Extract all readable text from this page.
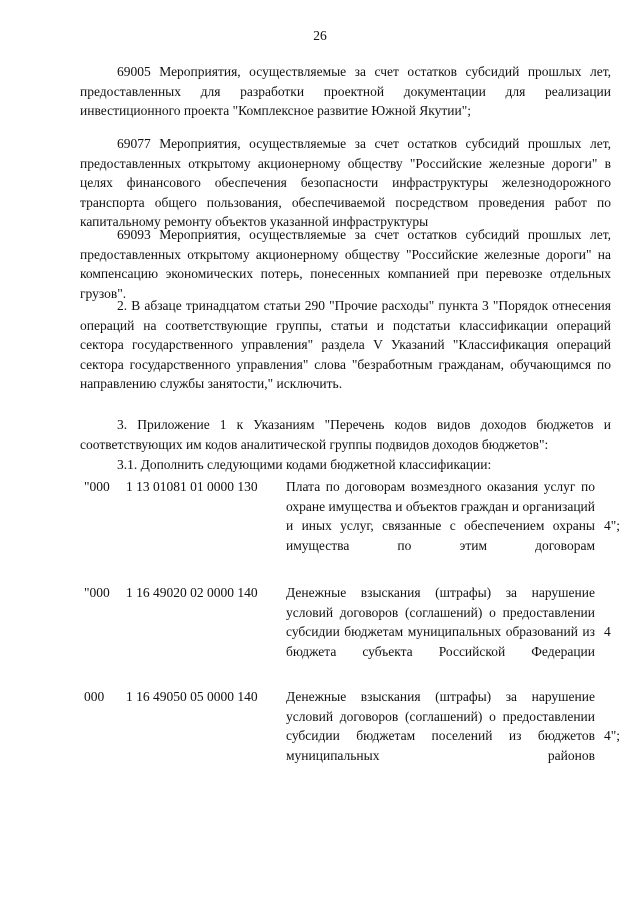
26

69005 Мероприятия, осуществляемые за счет остатков субсидий прошлых лет, предоставленных для разработки проектной документации для реализации инвестиционного проекта "Комплексное развитие Южной Якутии";

69077 Мероприятия, осуществляемые за счет остатков субсидий прошлых лет, предоставленных открытому акционерному обществу "Российские железные дороги" в целях финансового обеспечения безопасности инфраструктуры железнодорожного транспорта общего пользования, обеспечиваемой посредством проведения работ по капитальному ремонту объектов указанной инфраструктуры

69093 Мероприятия, осуществляемые за счет остатков субсидий прошлых лет, предоставленных открытому акционерному обществу "Российские железные дороги" на компенсацию экономических потерь, понесенных компанией при перевозке отдельных грузов".

2. В абзаце тринадцатом статьи 290 "Прочие расходы" пункта 3 "Порядок отнесения операций на соответствующие группы, статьи и подстатьи классификации операций сектора государственного управления" раздела V Указаний "Классификация операций сектора государственного управления" слова "безработным гражданам, обучающимся по направлению службы занятости," исключить.

3. Приложение 1 к Указаниям "Перечень кодов видов доходов бюджетов и соответствующих им кодов аналитической группы подвидов доходов бюджетов":

3.1. Дополнить следующими кодами бюджетной классификации:

"000 1 13 01081 01 0000 130 Плата по договорам возмездного оказания услуг по охране имущества и объектов граждан и организаций и иных услуг, связанные с обеспечением охраны имущества по этим договорам
4";
"000 1 16 49020 02 0000 140 Денежные взыскания (штрафы) за нарушение условий договоров (соглашений) о предоставлении субсидии бюджетам муниципальных образований из бюджета субъекта Российской Федерации
4
000 1 16 49050 05 0000 140 Денежные взыскания (штрафы) за нарушение условий договоров (соглашений) о предоставлении субсидии бюджетам поселений из бюджетов муниципальных районов
4";
